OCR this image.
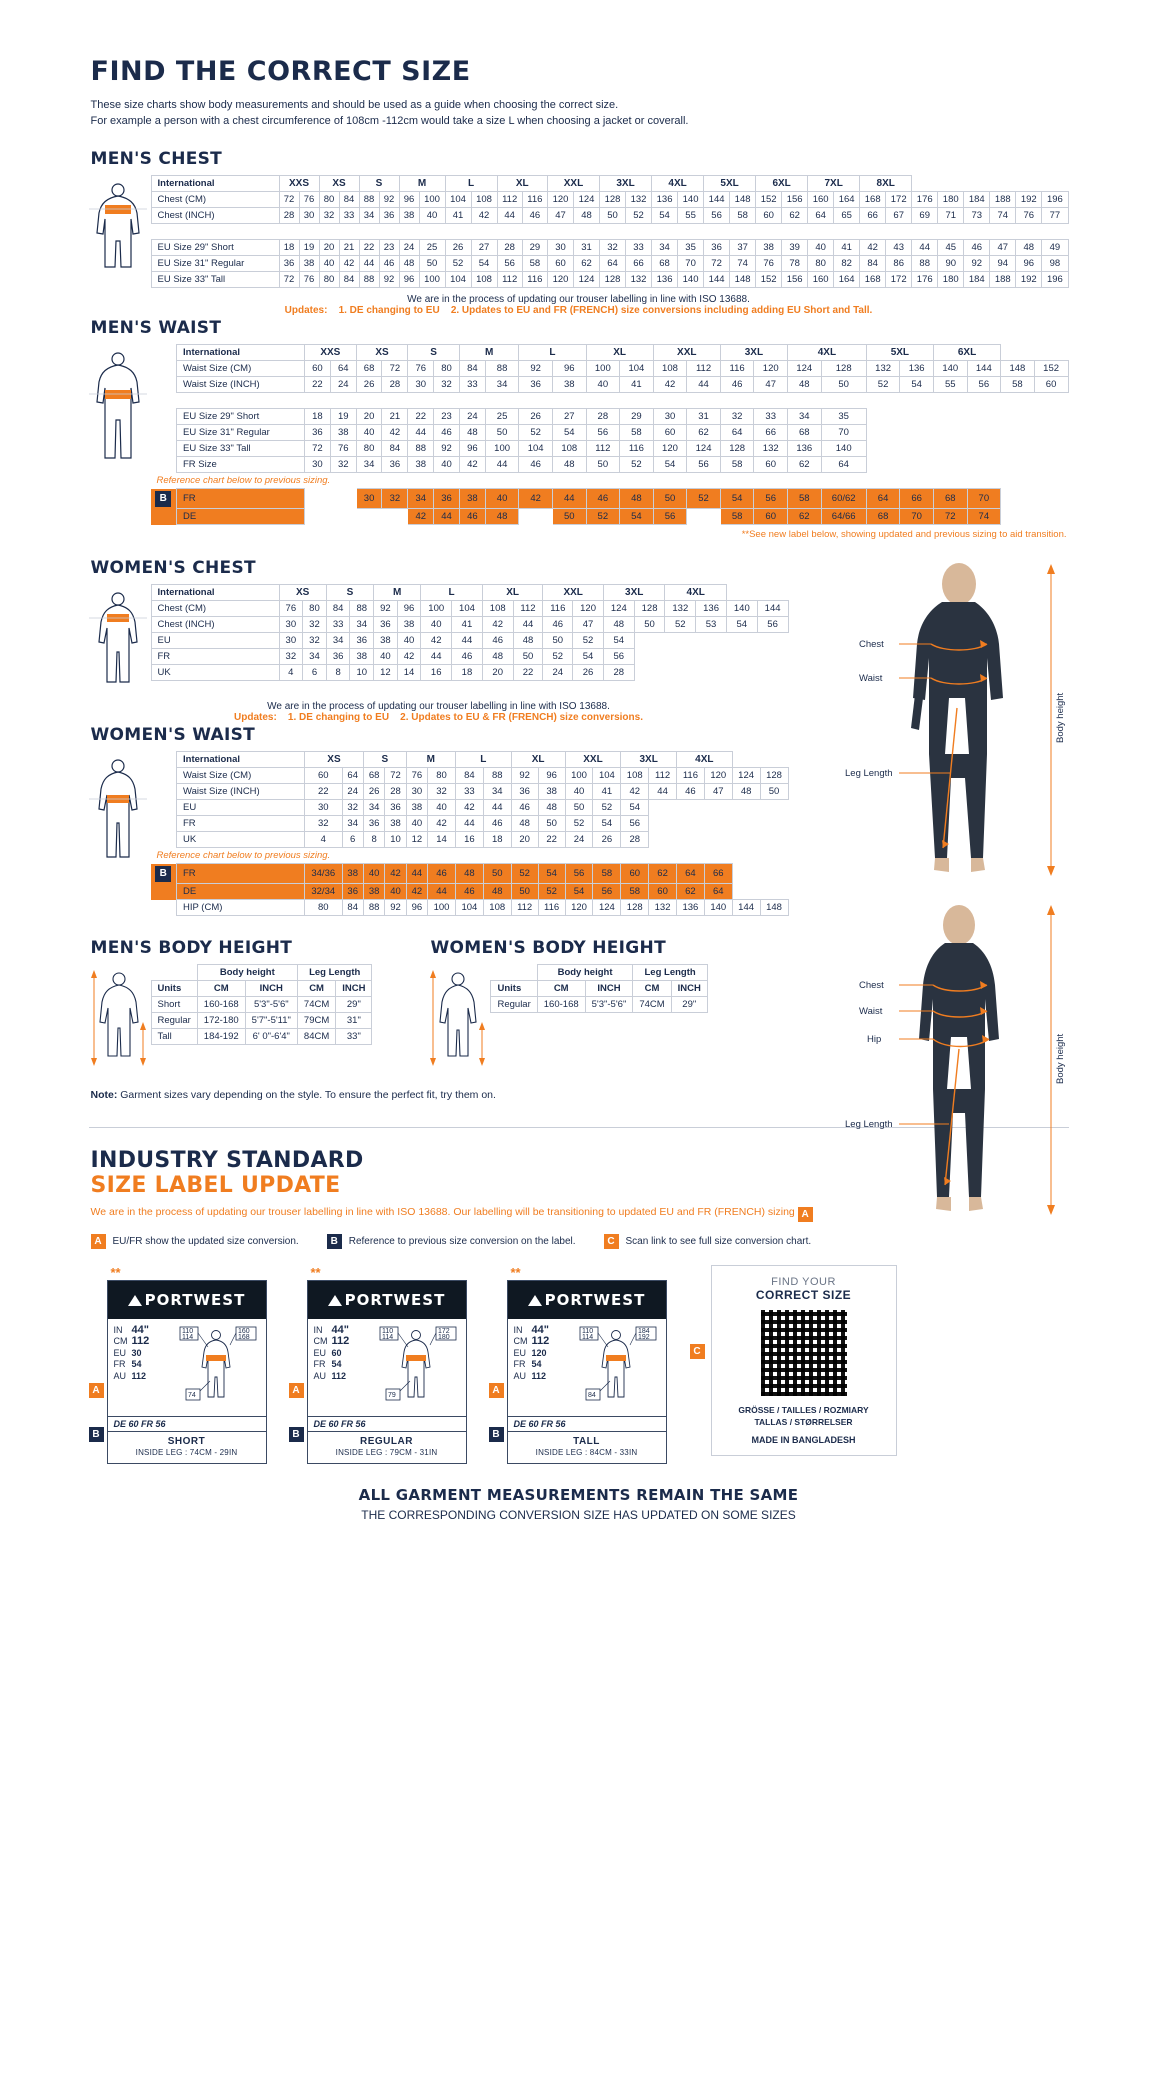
FIND THE CORRECT SIZE
These size charts show body measurements and should be used as a guide when choosing the correct size.
For example a person with a chest circumference of 108cm -112cm would take a size L when choosing a jacket or coverall.
MEN'S CHEST
International	XXS		XS		S		M		L		XL		XXL		3XL		4XL		5XL		6XL		7XL		8XL							
Chest (CM)	72	76	80	84	88	92	96	100	104	108	112	116	120	124	128	132	136	140	144	148	152	156	160	164	168	172	176	180	184	188	192	196
Chest (INCH)	28	30	32	33	34	36	38	40	41	42	44	46	47	48	50	52	54	55	56	58	60	62	64	65	66	67	69	71	73	74	76	77

EU Size 29" Short	18	19	20	21	22	23	24	25	26	27	28	29	30	31	32	33	34	35	36	37	38	39	40	41	42	43	44	45	46	47	48	49
EU Size 31" Regular	36	38	40	42	44	46	48	50	52	54	56	58	60	62	64	66	68	70	72	74	76	78	80	82	84	86	88	90	92	94	96	98
EU Size 33" Tall	72	76	80	84	88	92	96	100	104	108	112	116	120	124	128	132	136	140	144	148	152	156	160	164	168	172	176	180	184	188	192	196
We are in the process of updating our trouser labelling in line with ISO 13688.
Updates: 1. DE changing to EU 2. Updates to EU and FR (FRENCH) size conversions including adding EU Short and Tall.
MEN'S WAIST
	International	XXS		XS		S		M		L		XL		XXL		3XL		4XL		5XL		6XL			
	Waist Size (CM)	60	64	68	72	76	80	84	88	92	96	100	104	108	112	116	120	124	128	132	136	140	144	148	152
	Waist Size (INCH)	22	24	26	28	30	32	33	34	36	38	40	41	42	44	46	47	48	50	52	54	55	56	58	60

	EU Size 29" Short	18	19	20	21	22	23	24	25	26	27	28	29	30	31	32	33	34	35						
	EU Size 31" Regular	36	38	40	42	44	46	48	50	52	54	56	58	60	62	64	66	68	70						
	EU Size 33" Tall	72	76	80	84	88	92	96	100	104	108	112	116	120	124	128	132	136	140						
	FR Size	30	32	34	36	38	40	42	44	46	48	50	52	54	56	58	60	62	64						
Reference chart below to previous sizing.																									
B	FR			30	32	34	36	38	40	42	44	46	48	50	52	54	56	58	60/62	64	66	68	70		
	DE					42	44	46	48		50	52	54	56		58	60	62	64/66	68	70	72	74		
**See new label below, showing updated and previous sizing to aid transition.
Chest
Waist
Leg Length
Body height

Chest
Waist
Hip
Leg Length
Body height
WOMEN'S CHEST
International	XS		S		M		L		XL		XXL		3XL		4XL			
Chest (CM)	76	80	84	88	92	96	100	104	108	112	116	120	124	128	132	136	140	144
Chest (INCH)	30	32	33	34	36	38	40	41	42	44	46	47	48	50	52	53	54	56
EU	30	32	34	36	38	40	42	44	46	48	50	52	54					
FR	32	34	36	38	40	42	44	46	48	50	52	54	56					
UK	4	6	8	10	12	14	16	18	20	22	24	26	28					
We are in the process of updating our trouser labelling in line with ISO 13688.
Updates: 1. DE changing to EU 2. Updates to EU & FR (FRENCH) size conversions.
WOMEN'S WAIST
	International	XS		S		M		L		XL		XXL		3XL		4XL			
	Waist Size (CM)	60	64	68	72	76	80	84	88	92	96	100	104	108	112	116	120	124	128
	Waist Size (INCH)	22	24	26	28	30	32	33	34	36	38	40	41	42	44	46	47	48	50
	EU	30	32	34	36	38	40	42	44	46	48	50	52	54					
	FR	32	34	36	38	40	42	44	46	48	50	52	54	56					
	UK	4	6	8	10	12	14	16	18	20	22	24	26	28					
Reference chart below to previous sizing.																			
B	FR	34/36	38	40	42	44	46	48	50	52	54	56	58	60	62	64	66		
	DE	32/34	36	38	40	42	44	46	48	50	52	54	56	58	60	62	64		
	HIP (CM)	80	84	88	92	96	100	104	108	112	116	120	124	128	132	136	140	144	148
MEN'S BODY HEIGHT
	Body height		Leg Length	
Units	CM	INCH	CM	INCH
Short	160-168	5'3"-5'6"	74CM	29"
Regular	172-180	5'7"-5'11"	79CM	31"
Tall	184-192	6' 0"-6'4"	84CM	33"
WOMEN'S BODY HEIGHT
	Body height		Leg Length	
Units	CM	INCH	CM	INCH
Regular	160-168	5'3"-5'6"	74CM	29"
Note: Garment sizes vary depending on the style. To ensure the perfect fit, try them on.
INDUSTRY STANDARD
SIZE LABEL UPDATE
We are in the process of updating our trouser labelling in line with ISO 13688. Our labelling will be transitioning to updated EU and FR (FRENCH) sizing A
A	EU/FR show the updated size conversion.	B	Reference to previous size conversion on the label.	C	Scan link to see full size conversion chart.
**
PORTWEST
IN 44"
CM 112
EU 30
FR 54
AU 112
110
114
160
168
74
DE 60 FR 56
SHORT
INSIDE LEG : 74CM - 29IN
A
B
**
PORTWEST
IN 44"
CM 112
EU 60
FR 54
AU 112
110
114
172
180
79
DE 60 FR 56
REGULAR
INSIDE LEG : 79CM - 31IN
A
B
**
PORTWEST
IN 44"
CM 112
EU 120
FR 54
AU 112
110
114
184
192
84
DE 60 FR 56
TALL
INSIDE LEG : 84CM - 33IN
A
B
C
FIND YOUR
CORRECT SIZE
GRÖSSE / TAILLES / ROZMIARY
TALLAS / STØRRELSER
MADE IN BANGLADESH
ALL GARMENT MEASUREMENTS REMAIN THE SAME
THE CORRESPONDING CONVERSION SIZE HAS UPDATED ON SOME SIZES
